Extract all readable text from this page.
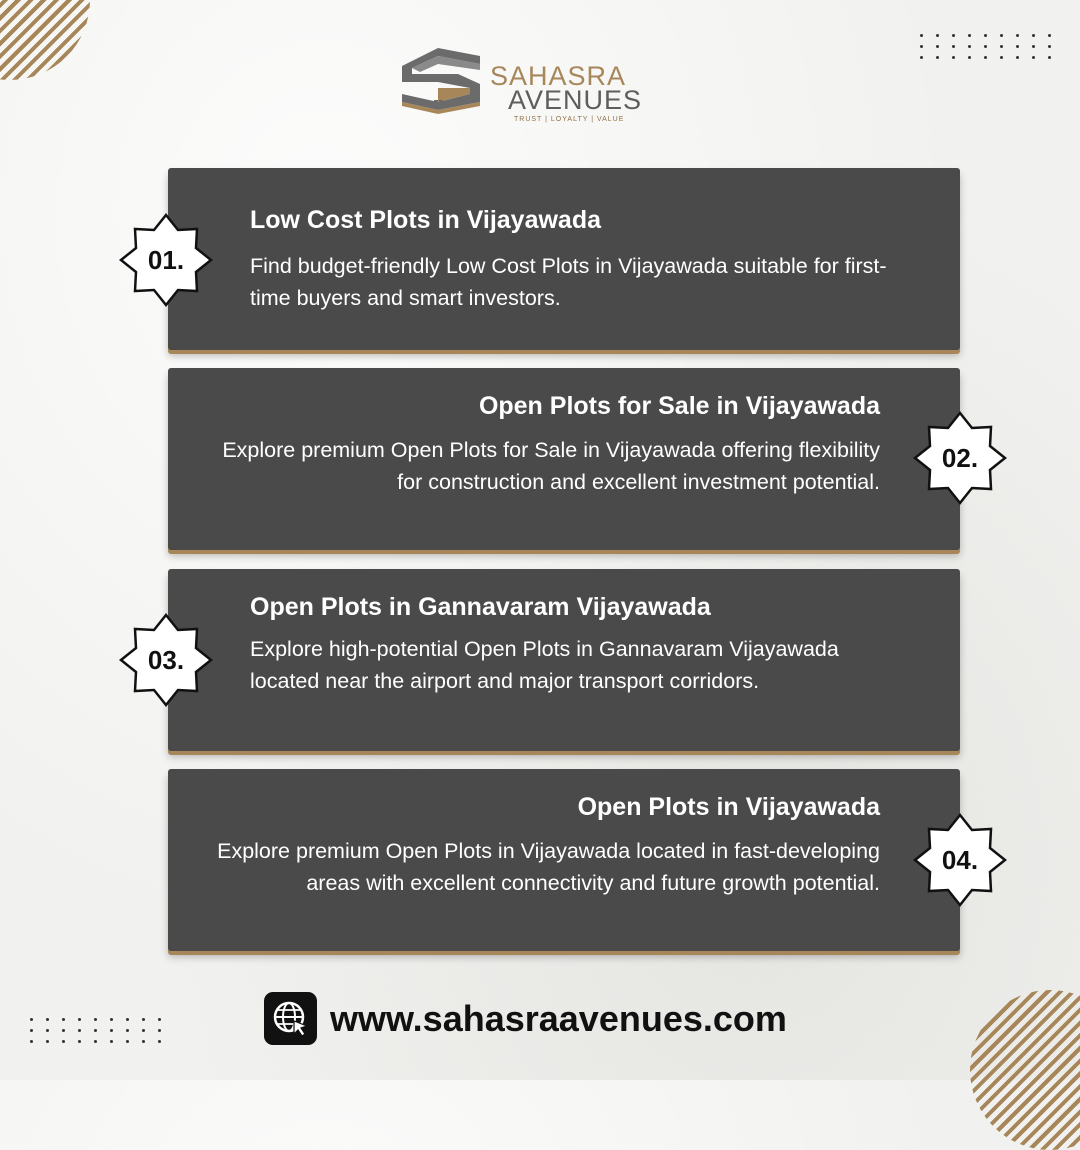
SAHASRA
AVENUES
TRUST | LOYALTY | VALUE
Low Cost Plots in Vijayawada

Find budget-friendly Low Cost Plots in Vijayawada suitable for first-time buyers and smart investors.

01.
Open Plots for Sale in Vijayawada

Explore premium Open Plots for Sale in Vijayawada offering flexibility for construction and excellent investment potential.

02.
Open Plots in Gannavaram Vijayawada

Explore high-potential Open Plots in Gannavaram Vijayawada located near the airport and major transport corridors.

03.
Open Plots in Vijayawada

Explore premium Open Plots in Vijayawada located in fast-developing areas with excellent connectivity and future growth potential.

04.
www.sahasraavenues.com
